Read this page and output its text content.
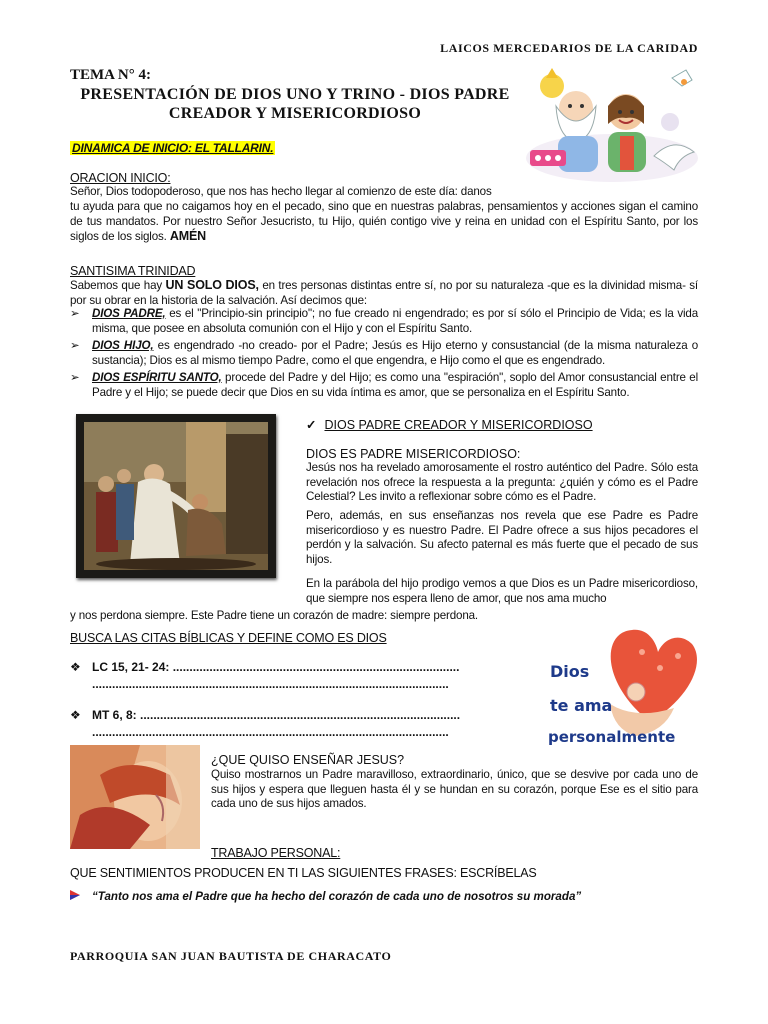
LAICOS MERCEDARIOS DE LA CARIDAD
PARROQUIA SAN JUAN BAUTISTA DE CHARACATO
TEMA N° 4:
PRESENTACIÓN DE DIOS UNO Y TRINO - DIOS PADRE CREADOR Y MISERICORDIOSO
DINAMICA DE INICIO: EL TALLARIN.
ORACION INICIO:
Señor, Dios todopoderoso, que nos has hecho llegar al comienzo de este día: danos
tu ayuda para que no caigamos hoy en el pecado, sino que en nuestras palabras, pensamientos y acciones sigan el camino de tus mandatos. Por nuestro Señor Jesucristo, tu Hijo, quién contigo vive y reina en unidad con el Espíritu Santo, por los siglos de los siglos. AMÉN
SANTISIMA TRINIDAD
Sabemos que hay UN SOLO DIOS, en tres personas distintas entre sí, no por su naturaleza -que es la divinidad misma- sí por su obrar en la historia de la salvación. Así decimos que:
➢	DIOS PADRE, es el "Principio-sin principio"; no fue creado ni engendrado; es por sí sólo el Principio de Vida; es la vida misma, que posee en absoluta comunión con el Hijo y con el Espíritu Santo.
➢	DIOS HIJO, es engendrado -no creado- por el Padre; Jesús es Hijo eterno y consustancial (de la misma naturaleza o sustancia); Dios es al mismo tiempo Padre, como el que engendra, e Hijo como el que es engendrado.
➢	DIOS ESPÍRITU SANTO, procede del Padre y del Hijo; es como una "espiración", soplo del Amor consustancial entre el Padre y el Hijo; se puede decir que Dios en su vida íntima es amor, que se personaliza en el Espíritu Santo.
✓ DIOS PADRE CREADOR Y MISERICORDIOSO
DIOS ES PADRE MISERICORDIOSO:
Jesús nos ha revelado amorosamente el rostro auténtico del Padre. Sólo esta revelación nos ofrece la respuesta a la pregunta: ¿quién y cómo es el Padre Celestial? Les invito a reflexionar sobre cómo es el Padre.
Pero, además, en sus enseñanzas nos revela que ese Padre es Padre misericordioso y es nuestro Padre. El Padre ofrece a sus hijos pecadores el perdón y la salvación. Su afecto paternal es más fuerte que el pecado de sus hijos.
En la parábola del hijo prodigo vemos a que Dios es un Padre misericordioso, que siempre nos espera lleno de amor, que nos ama mucho
y nos perdona siempre. Este Padre tiene un corazón de madre: siempre perdona.
BUSCA LAS CITAS BÍBLICAS Y DEFINE COMO ES DIOS
❖ LC 15, 21- 24: ......................................................................................
...........................................................................................................
❖ MT 6, 8: ................................................................................................
...........................................................................................................
Dios
te ama
personalmente
¿QUE QUISO ENSEÑAR JESUS?
Quiso mostrarnos un Padre maravilloso, extraordinario, único, que se desvive por cada uno de sus hijos y espera que lleguen hasta él y se hundan en su corazón, porque Ese es el sitio para cada uno de sus hijos amados.
TRABAJO PERSONAL:
QUE SENTIMIENTOS PRODUCEN EN TI LAS SIGUIENTES FRASES: ESCRÍBELAS
“Tanto nos ama el Padre que ha hecho del corazón de cada uno de nosotros su morada”
